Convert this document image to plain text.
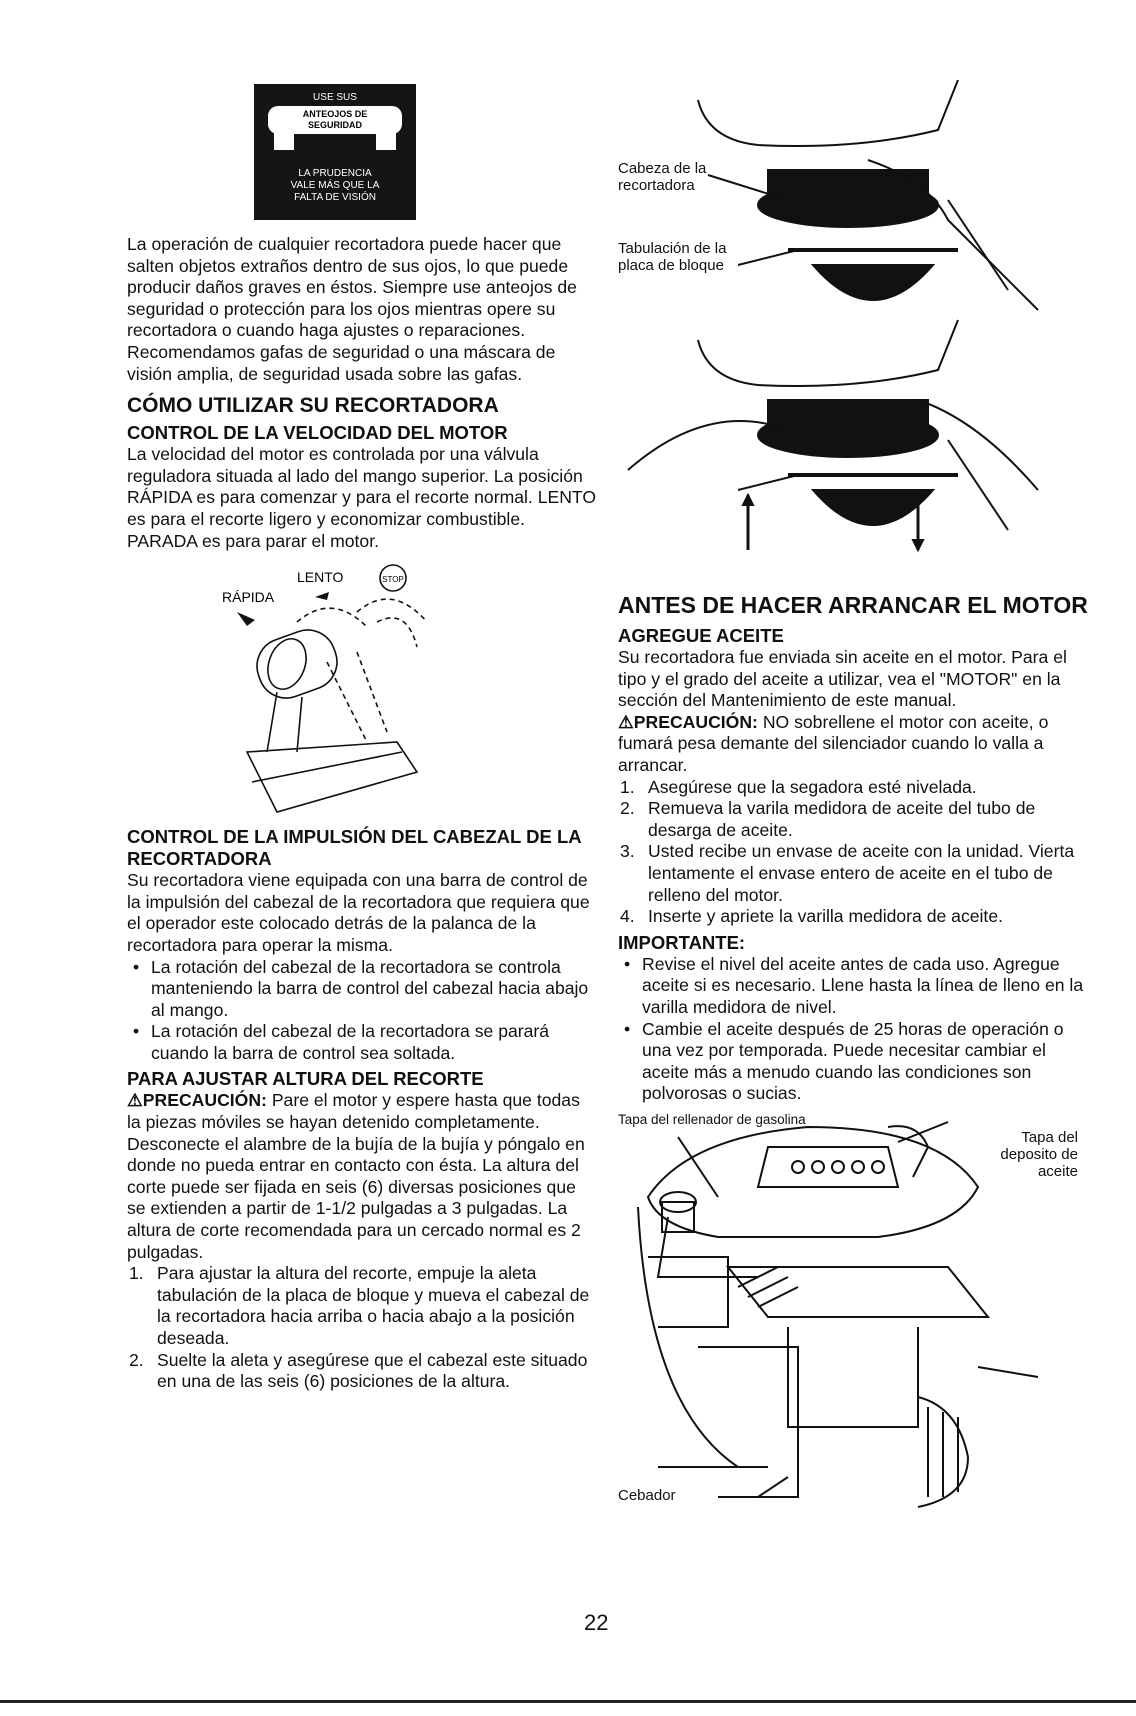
USE SUS
ANTEOJOS DE
SEGURIDAD
LA PRUDENCIA
VALE MÁS QUE LA
FALTA DE VISIÓN

La operación de cualquier recortadora puede hacer que salten objetos extraños dentro de sus ojos, lo que puede producir daños graves en éstos. Siempre use anteojos de seguridad o protección para los ojos mientras opere su recortadora o cuando haga ajustes o reparaciones. Recomendamos gafas de seguridad o una máscara de visión amplia, de seguridad usada sobre las gafas.

CÓMO UTILIZAR SU RECORTADORA
CONTROL DE LA VELOCIDAD DEL MOTOR

La velocidad del motor es controlada por una válvula reguladora situada al lado del mango superior. La posición RÁPIDA es para comenzar y para el recorte normal. LENTO es para el recorte ligero y economizar combustible. PARADA es para parar el motor.

LENTO
RÁPIDA
STOP
CONTROL DE LA IMPULSIÓN DEL CABEZAL DE LA RECORTADORA

Su recortadora viene equipada con una barra de control de la impulsión del cabezal de la recortadora que requiera que el operador este colocado detrás de la palanca de la recortadora para operar la misma.

• La rotación del cabezal de la recortadora se controla manteniendo la barra de control del cabezal hacia abajo al mango.
• La rotación del cabezal de la recortadora se parará cuando la barra de control sea soltada.
PARA AJUSTAR ALTURA DEL RECORTE

⚠PRECAUCIÓN: Pare el motor y espere hasta que todas la piezas móviles se hayan detenido completamente. Desconecte el alambre de la bujía de la bujía y póngalo en donde no pueda entrar en contacto con ésta. La altura del corte puede ser fijada en seis (6) diversas posiciones que se extienden a partir de 1-1/2 pulgadas a 3 pulgadas. La altura de corte recomendada para un cercado normal es 2 pulgadas.

1. Para ajustar la altura del recorte, empuje la aleta tabulación de la placa de bloque y mueva el cabezal de la recortadora hacia arriba o hacia abajo a la posición deseada.
2. Suelte la aleta y asegúrese que el cabezal este situado en una de las seis (6) posiciones de la altura.
Cabeza de la recortadora
Tabulación de la placa de bloque
ANTES DE HACER ARRANCAR EL MOTOR
AGREGUE ACEITE

Su recortadora fue enviada sin aceite en el motor. Para el tipo y el grado del aceite a utilizar, vea el "MOTOR" en la sección del Mantenimiento de este manual.

⚠PRECAUCIÓN: NO sobrellene el motor con aceite, o fumará pesa demante del silenciador cuando lo valla a arrancar.

1. Asegúrese que la segadora esté nivelada.
2. Remueva la varila medidora de aceite del tubo de desarga de aceite.
3. Usted recibe un envase de aceite con la unidad. Vierta lentamente el envase entero de aceite en el tubo de relleno del motor.
4. Inserte y apriete la varilla medidora de aceite.
IMPORTANTE:
• Revise el nivel del aceite antes de cada uso. Agregue aceite si es necesario. Llene hasta la línea de lleno en la varilla medidora de nivel.
• Cambie el aceite después de 25 horas de operación o una vez por temporada. Puede necesitar cambiar el aceite más a menudo cuando las condiciones son polvorosas o sucias.
Tapa del rellenador de gasolina
Tapa del deposito de aceite
Cebador
22
